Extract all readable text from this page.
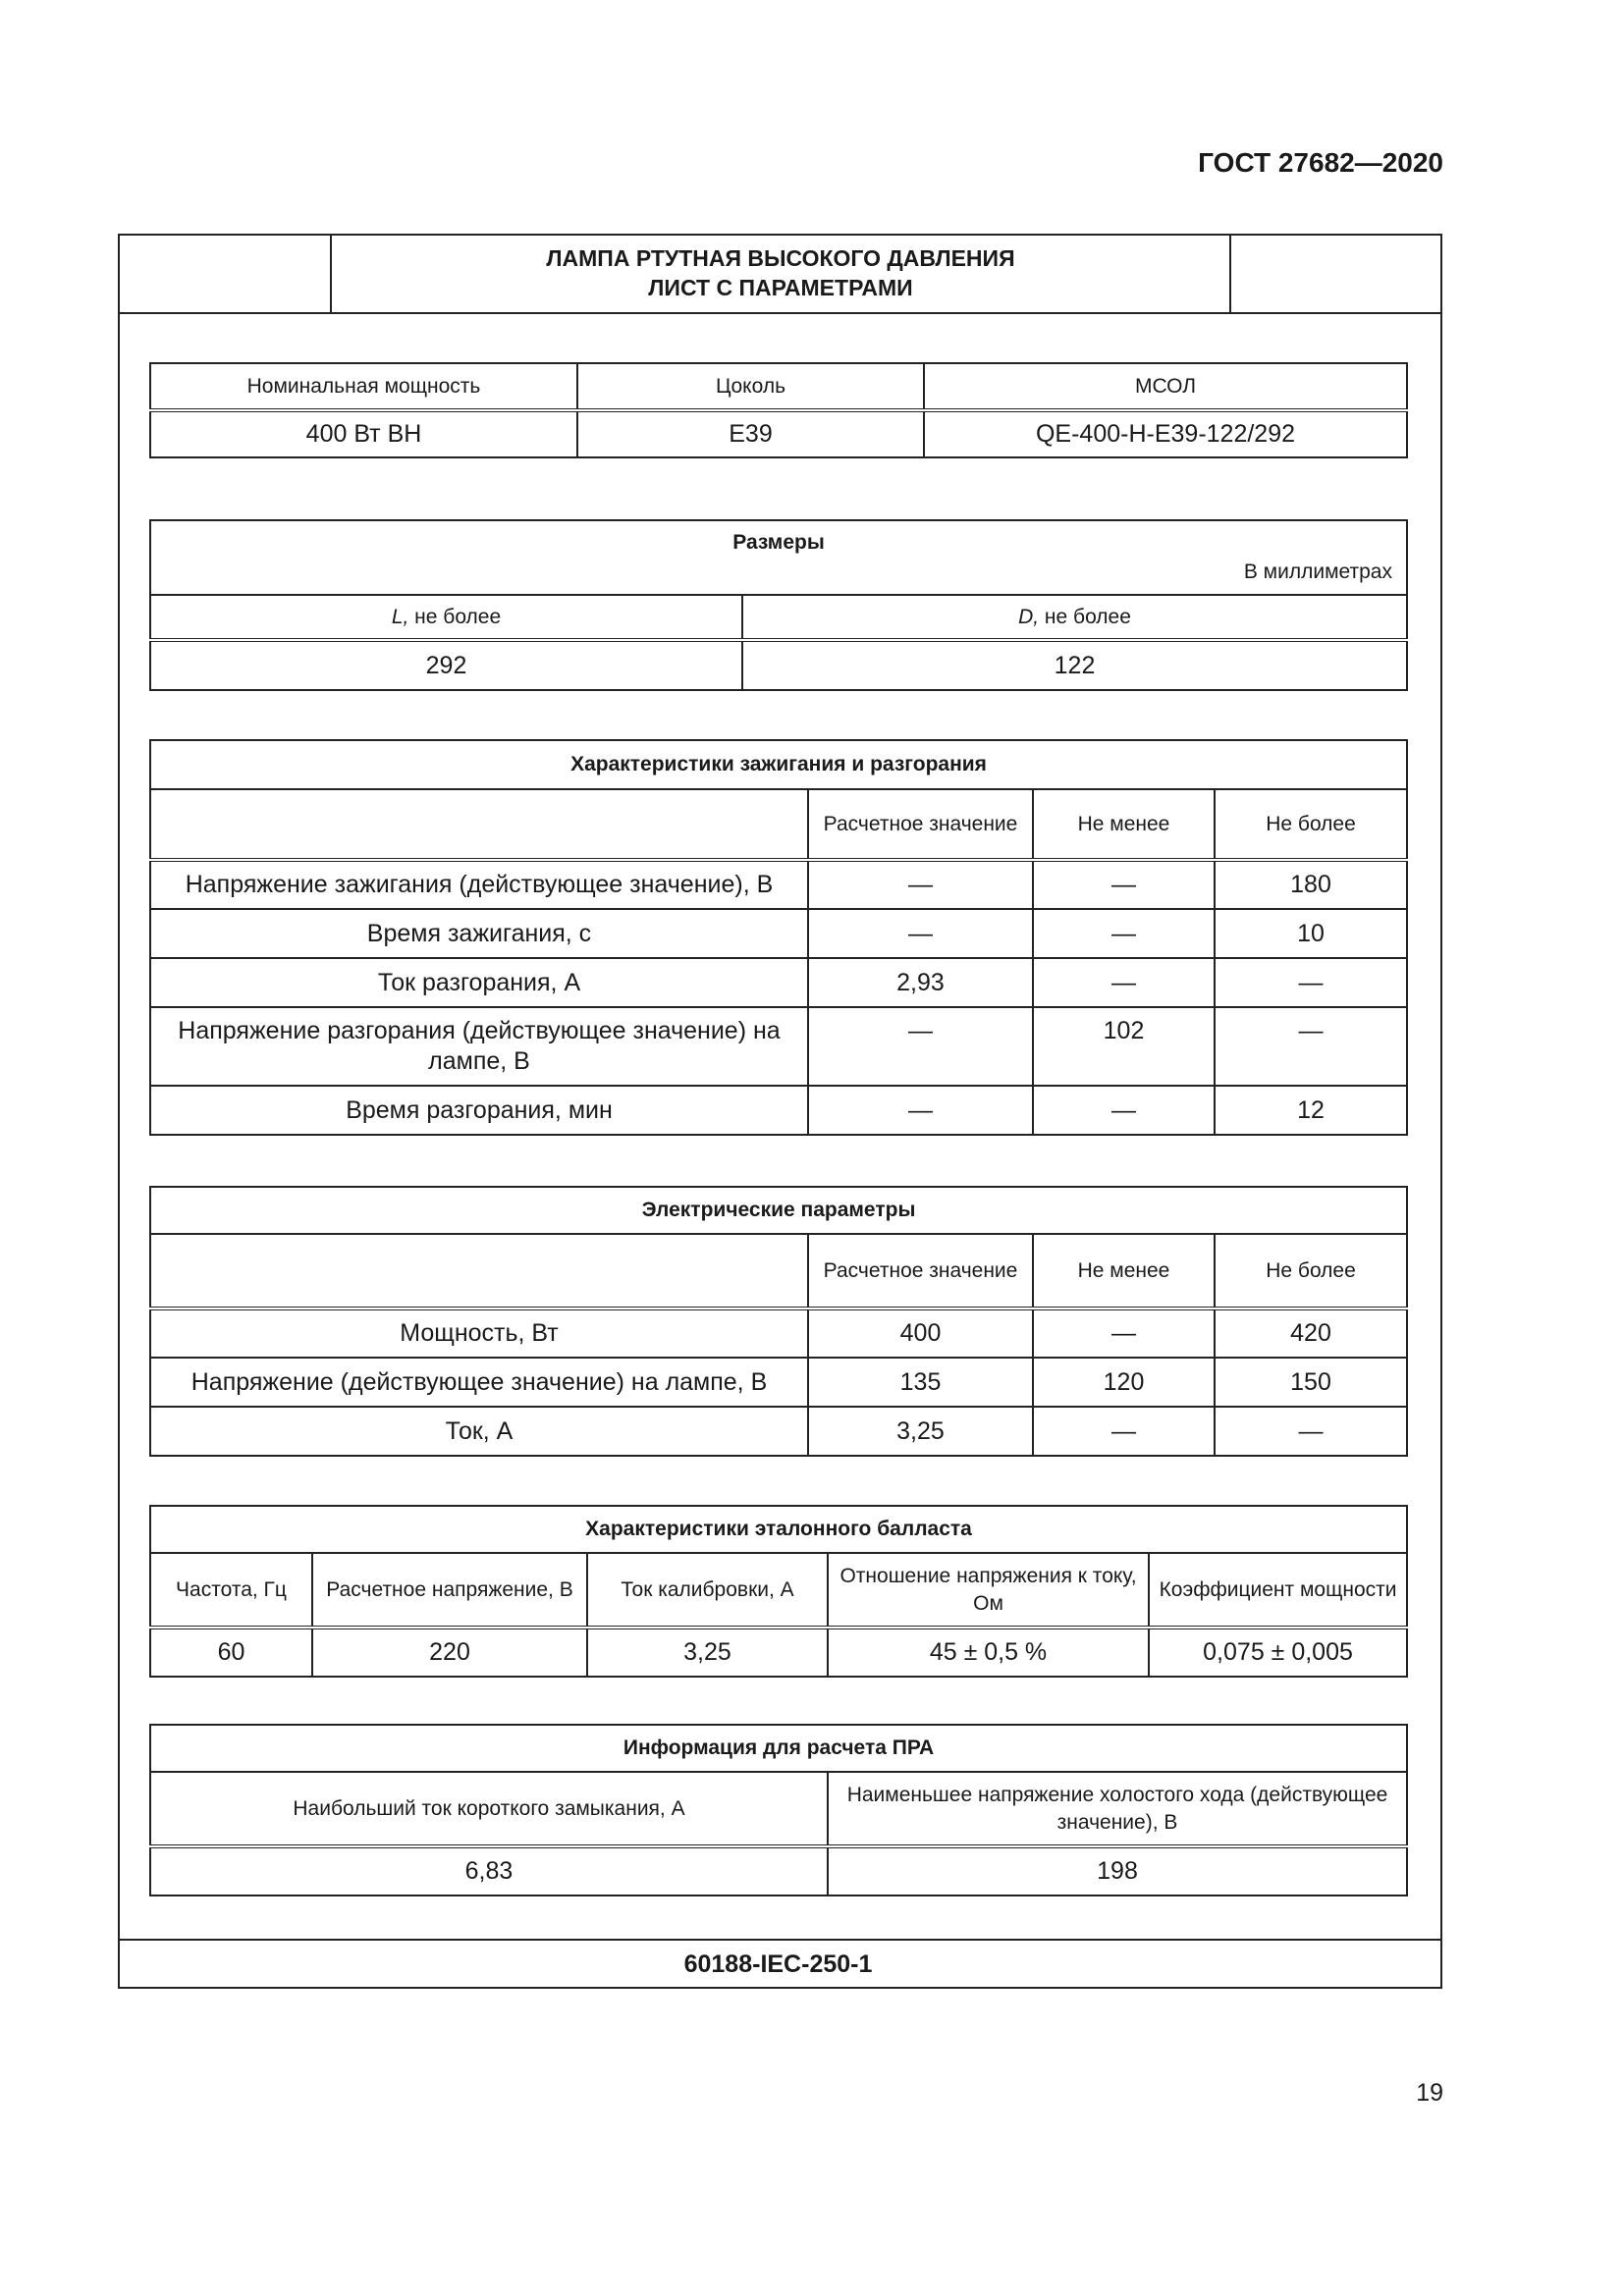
ГОСТ 27682—2020
ЛАМПА РТУТНАЯ ВЫСОКОГО ДАВЛЕНИЯ
ЛИСТ С ПАРАМЕТРАМИ
Номинальная мощность	Цоколь	МСОЛ
400 Вт ВН	E39	QE-400-H-E39-122/292
Размеры
В миллиметрах	

L, не более	D, не более
292	122
Характеристики зажигания и разгорания			
	Расчетное значение	Не менее	Не более
Напряжение зажигания (действующее значение), В	—	—	180
Время зажигания, с	—	—	10
Ток разгорания, А	2,93	—	—
Напряжение разгорания (действующее значение) на лампе, В	—	102	—
Время разгорания, мин	—	—	12
Электрические параметры			
	Расчетное значение	Не менее	Не более
Мощность, Вт	400	—	420
Напряжение (действующее значение) на лампе, В	135	120	150
Ток, А	3,25	—	—
Характеристики эталонного балласта				
Частота, Гц	Расчетное напряжение, В	Ток калибровки, А	Отношение напряжения к току, Ом	Коэффициент мощности
60	220	3,25	45 ± 0,5 %	0,075 ± 0,005
Информация для расчета ПРА	
Наибольший ток короткого замыкания, А	Наименьшее напряжение холостого хода (действующее значение), В
6,83	198
60188-IEC-250-1
19
